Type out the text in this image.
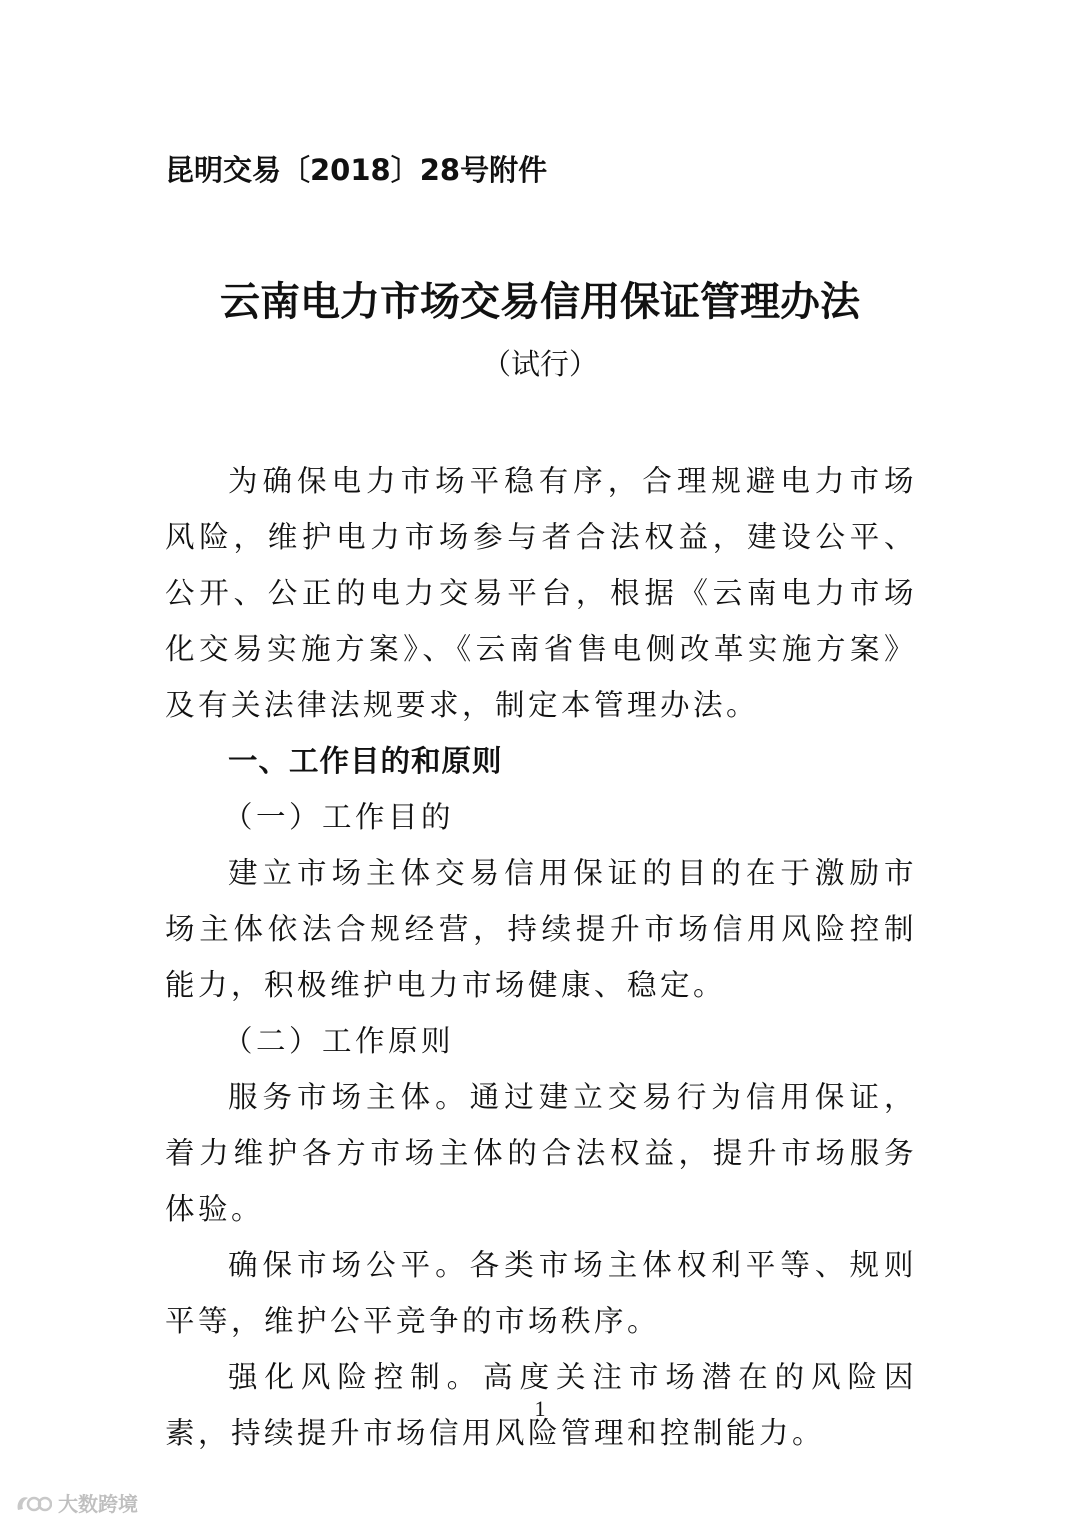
昆明交易〔2018〕28号附件
云南电力市场交易信用保证管理办法
（试行）

为确保电力市场平稳有序，合理规避电力市场风险，维护电力市场参与者合法权益，建设公平、公开、公正的电力交易平台，根据《云南电力市场化交易实施方案》、《云南省售电侧改革实施方案》及有关法律法规要求，制定本管理办法。

一、工作目的和原则

（一）工作目的

建立市场主体交易信用保证的目的在于激励市场主体依法合规经营，持续提升市场信用风险控制能力，积极维护电力市场健康、稳定。

（二）工作原则

服务市场主体。通过建立交易行为信用保证，着力维护各方市场主体的合法权益，提升市场服务体验。

确保市场公平。各类市场主体权利平等、规则平等，维护公平竞争的市场秩序。

强化风险控制。高度关注市场潜在的风险因素，持续提升市场信用风险管理和控制能力。

1
大数跨境
